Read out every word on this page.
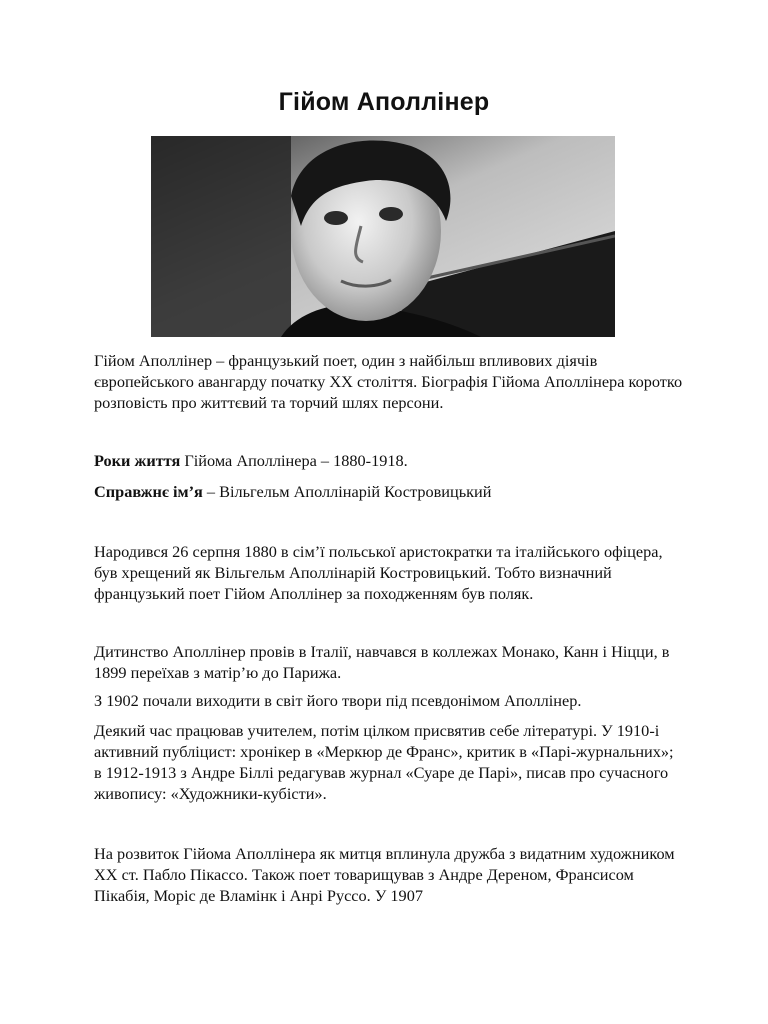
Гійом Аполлінер

Гійом Аполлінер – французький поет, один з найбільш впливових діячів європейського авангарду початку ХХ століття. Біографія Гійома Аполлінера коротко розповість про життєвий та торчий шлях персони.

Роки життя Гійома Аполлінера – 1880-1918.

Справжнє ім’я – Вільгельм Аполлінарій Костровицький

Народився 26 серпня 1880 в сім’ї польської аристократки та італійського офіцера, був хрещений як Вільгельм Аполлінарій Костровицький. Тобто визначний французький поет Гійом Аполлінер за походженням був поляк.

Дитинство Аполлінер провів в Італії, навчався в коллежах Монако, Канн і Ніцци, в 1899 переїхав з матір’ю до Парижа.

З 1902 почали виходити в світ його твори під псевдонімом Аполлінер.

Деякий час працював учителем, потім цілком присвятив себе літературі. У 1910-і активний публіцист: хронікер в «Меркюр де Франс», критик в «Парі-журнальних»; в 1912-1913 з Андре Біллі редагував журнал «Суаре де Парі», писав про сучасного живопису: «Художники-кубісти».

На розвиток Гійома Аполлінера як митця вплинула дружба з видатним художником ХХ ст. Пабло Пікассо. Також поет товарищував з Андре Дереном, Франсисом Пікабія, Моріс де Вламінк і Анрі Руссо. У 1907
